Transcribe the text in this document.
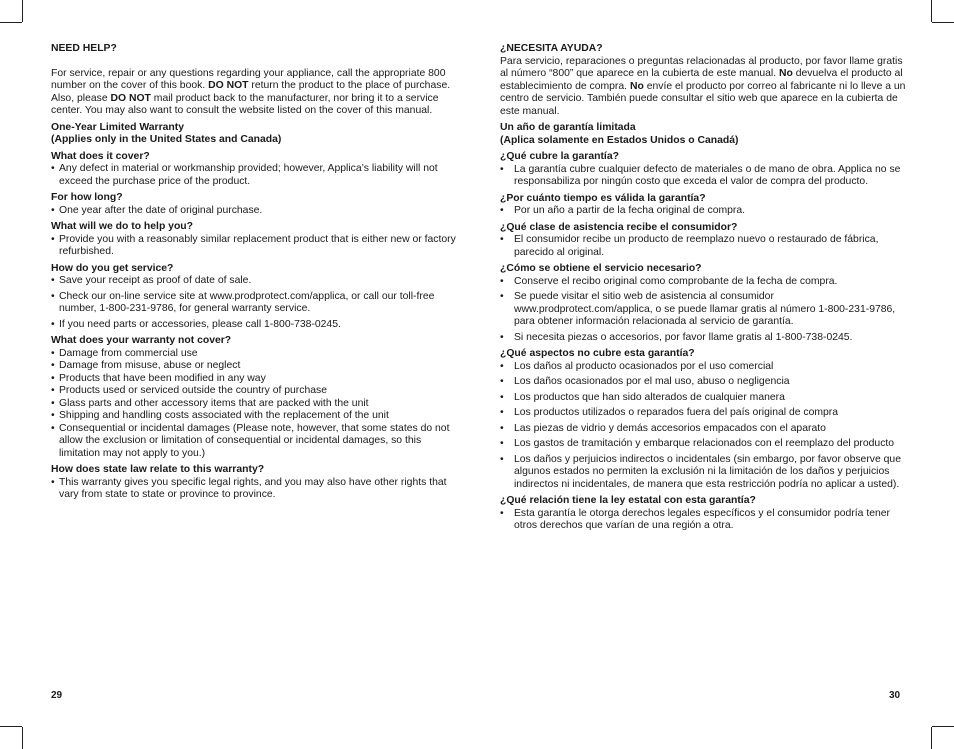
NEED HELP?

For service, repair or any questions regarding your appliance, call the appropriate 800 number on the cover of this book. DO NOT return the product to the place of purchase. Also, please DO NOT mail product back to the manufacturer, nor bring it to a service center. You may also want to consult the website listed on the cover of this manual.

One-Year Limited Warranty

(Applies only in the United States and Canada)

What does it cover?

• Any defect in material or workmanship provided; however, Applica’s liability will not exceed the purchase price of the product.

For how long?

• One year after the date of original purchase.

What will we do to help you?

• Provide you with a reasonably similar replacement product that is either new or factory refurbished.

How do you get service?

• Save your receipt as proof of date of sale.
• Check our on-line service site at www.prodprotect.com/applica, or call our toll-free number, 1-800-231-9786, for general warranty service.
• If you need parts or accessories, please call 1-800-738-0245.

What does your warranty not cover?

• Damage from commercial use
• Damage from misuse, abuse or neglect
• Products that have been modified in any way
• Products used or serviced outside the country of purchase
• Glass parts and other accessory items that are packed with the unit
• Shipping and handling costs associated with the replacement of the unit
• Consequential or incidental damages (Please note, however, that some states do not allow the exclusion or limitation of consequential or incidental damages, so this limitation may not apply to you.)

How does state law relate to this warranty?

• This warranty gives you specific legal rights, and you may also have other rights that vary from state to state or province to province.
29

¿NECESITA AYUDA?

Para servicio, reparaciones o preguntas relacionadas al producto, por favor llame gratis al número “800” que aparece en la cubierta de este manual. No devuelva el producto al establecimiento de compra. No envíe el producto por correo al fabricante ni lo lleve a un centro de servicio. También puede consultar el sitio web que aparece en la cubierta de este manual.

Un año de garantía limitada

(Aplica solamente en Estados Unidos o Canadá)

¿Qué cubre la garantía?

• La garantía cubre cualquier defecto de materiales o de mano de obra. Applica no se responsabiliza por ningún costo que exceda el valor de compra del producto.

¿Por cuánto tiempo es válida la garantía?

• Por un año a partir de la fecha original de compra.

¿Qué clase de asistencia recibe el consumidor?

• El consumidor recibe un producto de reemplazo nuevo o restaurado de fábrica, parecido al original.

¿Cómo se obtiene el servicio necesario?

• Conserve el recibo original como comprobante de la fecha de compra.
• Se puede visitar el sitio web de asistencia al consumidor www.prodprotect.com/applica, o se puede llamar gratis al número 1-800-231-9786, para obtener información relacionada al servicio de garantía.
• Si necesita piezas o accesorios, por favor llame gratis al 1-800-738-0245.

¿Qué aspectos no cubre esta garantía?

• Los daños al producto ocasionados por el uso comercial
• Los daños ocasionados por el mal uso, abuso o negligencia
• Los productos que han sido alterados de cualquier manera
• Los productos utilizados o reparados fuera del país original de compra
• Las piezas de vidrio y demás accesorios empacados con el aparato
• Los gastos de tramitación y embarque relacionados con el reemplazo del producto
• Los daños y perjuicios indirectos o incidentales (sin embargo, por favor observe que algunos estados no permiten la exclusión ni la limitación de los daños y perjuicios indirectos ni incidentales, de manera que esta restricción podría no aplicar a usted).

¿Qué relación tiene la ley estatal con esta garantía?

• Esta garantía le otorga derechos legales específicos y el consumidor podría tener otros derechos que varían de una región a otra.
30
